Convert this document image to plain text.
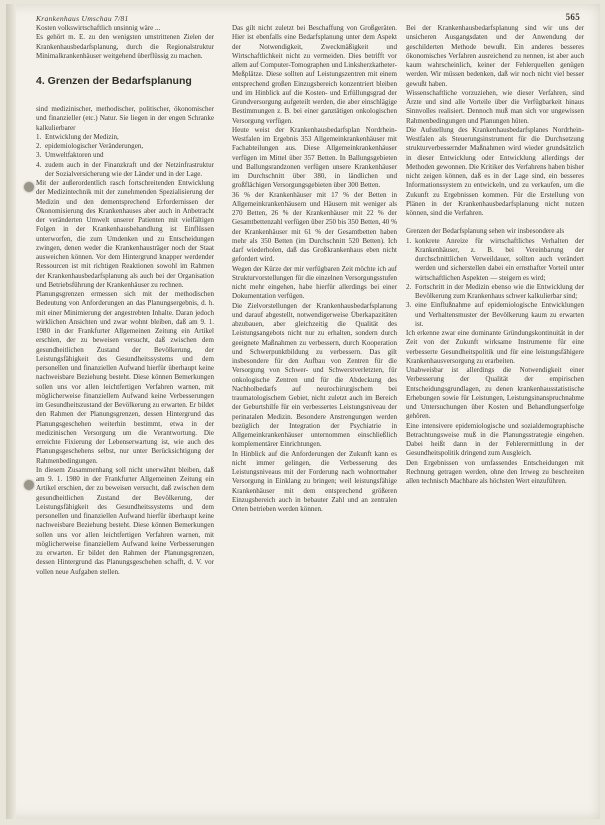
Krankenhaus Umschau 7/81	565

Kosten volkswirtschaftlich unsinnig wäre ...

Es gehört m. E. zu den wenigsten umstrittenen Zielen der Krankenhausbedarfsplanung, durch die Regionalstruktur Minimalkrankenhäuser weitgehend überflüssig zu machen.

4. Grenzen der Bedarfsplanung

sind medizinischer, methodischer, politischer, ökonomischer und finanzieller (etc.) Natur. Sie liegen in der engen Schranke kalkulierbarer

1. Entwicklung der Medizin,
2. epidemiologischer Veränderungen,
3. Umweltfaktoren und
4. zudem auch in der Finanzkraft und der Netzinfrastruktur der Sozialversicherung wie der Länder und in der Lage.

Mit der außerordentlich rasch fortschreitenden Entwicklung der Medizintechnik mit der zunehmenden Spezialisierung der Medizin und den dementsprechend Erfordernissen der Ökonomisierung des Krankenhauses aber auch in Anbetracht der veränderten Umwelt unserer Patienten mit vielfältigen Folgen in der Krankenhausbehandlung ist Einflüssen unterworfen, die zum Umdenken und zu Entscheidungen zwingen, denen weder die Krankenhausträger noch der Staat ausweichen können. Vor dem Hintergrund knapper werdender Ressourcen ist mit richtigen Reaktionen sowohl im Rahmen der Krankenhausbedarfsplanung als auch bei der Organisation und Betriebsführung der Krankenhäuser zu rechnen.

Planungsgrenzen ermessen sich mit der methodischen Bedeutung von Anforderungen an das Planungsergebnis, d. h. mit einer Minimierung der angestrebten Inhalte. Daran jedoch wirklichen Ansichten und zwar wohnt bleiben, daß am 9. 1. 1980 in der Frankfurter Allgemeinen Zeitung ein Artikel erschien, der zu beweisen versucht, daß zwischen dem gesundheitlichen Zustand der Bevölkerung, der Leistungsfähigkeit des Gesundheitssystems und dem personellen und finanziellen Aufwand hierfür überhaupt keine nachweisbare Beziehung besteht. Diese können Bemerkungen sollen uns vor allen leichtfertigen Verfahren warnen, mit möglicherweise finanziellem Aufwand keine Verbesserungen im Gesundheitszustand der Bevölkerung zu erwarten. Er bildet den Rahmen der Planungsgrenzen, dessen Hintergrund das Planungsgeschehen weiterhin bestimmt, etwa in der medizinischen Versorgung um die Verantwortung. Die erreichte Fixierung der Lebenserwartung ist, wie auch des Planungsgeschehens selbst, nur unter Berücksichtigung der Rahmenbedingungen.

In diesem Zusammenhang soll nicht unerwähnt bleiben, daß am 9. 1. 1980 in der Frankfurter Allgemeinen Zeitung ein Artikel erschien, der zu beweisen versucht, daß zwischen dem gesundheitlichen Zustand der Bevölkerung, der Leistungsfähigkeit des Gesundheitssystems und dem personellen und finanziellen Aufwand hierfür überhaupt keine nachweisbare Beziehung besteht. Diese können Bemerkungen sollen uns vor allen leichtfertigen Verfahren warnen, mit möglicherweise finanziellem Aufwand keine Verbesserungen zu erwarten. Er bildet den Rahmen der Planungsgrenzen, dessen Hintergrund das Planungsgeschehen schafft, d. V. vor vollen neue Aufgaben stellen.

Das gilt nicht zuletzt bei Beschaffung von Großgeräten. Hier ist ebenfalls eine Bedarfsplanung unter dem Aspekt der Notwendigkeit, Zweckmäßigkeit und Wirtschaftlichkeit nicht zu vermeiden. Dies betrifft vor allem auf Computer-Tomographen und Linksherzkatheter-Meßplätze. Diese sollten auf Leistungszentren mit einem entsprechend großen Einzugsbereich konzentriert bleiben und im Hinblick auf die Kosten- und Erfüllungsgrad der Grundversorgung aufgeteilt werden, die aber einschlägige Bestimmungen z. B. bei einer ganztätigen onkologischen Versorgung verfügen.

Heute weist der Krankenhausbedarfsplan Nordrhein-Westfalen im Ergebnis 353 Allgemeinkrankenhäuser mit Fachabteilungen aus. Diese Allgemeinkrankenhäuser verfügen im Mittel über 357 Betten. In Ballungsgebieten und Ballungsrandzonen verfügen unsere Krankenhäuser im Durchschnitt über 380, in ländlichen und großflächigen Versorgungsgebieten über 300 Betten.

36 % der Krankenhäuser mit 17 % der Betten in Allgemeinkrankenhäusern und Häusern mit weniger als 270 Betten, 26 % der Krankenhäuser mit 22 % der Gesamtbettenzahl verfügen über 250 bis 350 Betten, 40 % der Krankenhäuser mit 61 % der Gesamtbetten haben mehr als 350 Betten (im Durchschnitt 520 Betten). Ich darf wiederholen, daß das Großkrankenhaus eben nicht gefordert wird.

Wegen der Kürze der mir verfügbaren Zeit möchte ich auf Strukturvorstellungen für die einzelnen Versorgungsstufen nicht mehr eingehen, habe hierfür allerdings bei einer Dokumentation verfügen.

Die Zielvorstellungen der Krankenhausbedarfsplanung und darauf abgestellt, notwendigerweise Überkapazitäten abzubauen, aber gleichzeitig die Qualität des Leistungsangebots nicht nur zu erhalten, sondern durch geeignete Maßnahmen zu verbessern, durch Kooperation und Schwerpunktbildung zu verbessern. Das gilt insbesondere für den Aufbau von Zentren für die Versorgung von Schwer- und Schwerstverletzten, für onkologische Zentren und für die Abdeckung des Nachholbedarfs auf neurochirurgischem bei traumatologischem Gebiet, nicht zuletzt auch im Bereich der Geburtshilfe für ein verbessertes Leistungsniveau der perinatalen Medizin. Besondere Anstrengungen werden bezüglich der Integration der Psychiatrie in Allgemeinkrankenhäuser unternommen einschließlich komplementärer Einrichtungen.

In Hinblick auf die Anforderungen der Zukunft kann es nicht immer gelingen, die Verbesserung des Leistungsniveaus mit der Forderung nach wohnortnaher Versorgung in Einklang zu bringen; weil leistungsfähige Krankenhäuser mit dem entsprechend größeren Einzugsbereich auch in bebauter Zahl und an zentralen Orten betrieben werden können.

Bei der Krankenhausbedarfsplanung sind wir uns der unsicheren Ausgangsdaten und der Anwendung der geschilderten Methode bewußt. Ein anderes besseres ökonomisches Verfahren ausreichend zu nennen, ist aber auch kaum wahrscheinlich, keiner der Fehlerquellen genügen werden. Wir müssen bedenken, daß wir noch nicht viel besser gewußt haben.

Wissenschaftliche vorzuziehen, wie dieser Verfahren, sind Ärzte und sind alle Vorteile über die Verfügbarkeit hinaus Sinnvolles realisiert. Dennoch muß man sich vor ungewissen Rahmenbedingungen und Planungen hüten.

Die Aufstellung des Krankenhausbedarfsplanes Nordrhein-Westfalen als Steuerungsinstrument für die Durchsetzung strukturverbessernder Maßnahmen wird wieder grundsätzlich in dieser Entwicklung oder Entwicklung allerdings der Methoden gewonnen. Die Kritiker des Verfahrens haben bisher nicht zeigen können, daß es in der Lage sind, ein besseres Informationssystem zu entwickeln, und zu verkaufen, um die Zukunft zu Ergebnissen kommen. Für die Erstellung von Plänen in der Krankenhausbedarfsplanung nicht nutzen können, sind die Verfahren.

Grenzen der Bedarfsplanung sehen wir insbesondere als

1. konkrete Anreize für wirtschaftliches Verhalten der Krankenhäuser, z. B. bei Vereinbarung der durchschnittlichen Verweildauer, sollten auch verändert werden und sicherstellen dabei ein ernsthafter Vorteil unter wirtschaftlichen Aspekten — steigern es wird;
2. Fortschritt in der Medizin ebenso wie die Entwicklung der Bevölkerung zum Krankenhaus schwer kalkulierbar sind;
3. eine Einflußnahme auf epidemiologische Entwicklungen und Verhaltensmuster der Bevölkerung kaum zu erwarten ist.

Ich erkenne zwar eine dominante Gründungskontinuität in der Zeit von der Zukunft wirksame Instrumente für eine verbesserte Gesundheitspolitik und für eine leistungsfähigere Krankenhausversorgung zu erarbeiten.

Unabweisbar ist allerdings die Notwendigkeit einer Verbesserung der Qualität der empirischen Entscheidungsgrundlagen, zu denen krankenhausstatistische Erhebungen sowie für Leistungen, Leistungsinanspruchnahme und Untersuchungen über Kosten und Behandlungserfolge gehören.

Eine intensivere epidemiologische und sozialdemographische Betrachtungsweise muß in die Planungsstrategie eingehen. Dabei heißt dann in der Fehlerermittlung in der Gesundheitspolitik dringend zum Ausgleich.

Den Ergebnissen von umfassendes Entscheidungen mit Rechnung getragen werden, ohne den Irrweg zu beschreiten allen technisch Machbare als höchsten Wert einzuführen.
